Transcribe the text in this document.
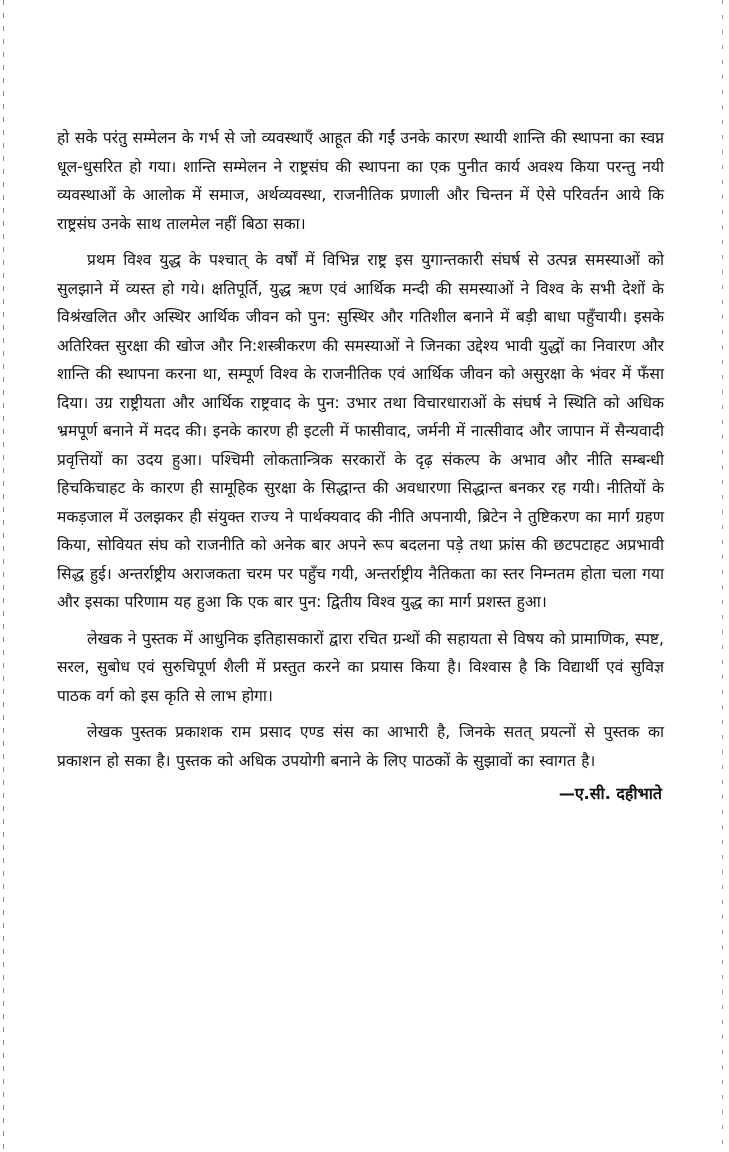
हो सके परंतु सम्मेलन के गर्भ से जो व्यवस्थाएँ आहूत की गईं उनके कारण स्थायी शान्ति की स्थापना का स्वप्न धूल-धुसरित हो गया। शान्ति सम्मेलन ने राष्ट्रसंघ की स्थापना का एक पुनीत कार्य अवश्य किया परन्तु नयी व्यवस्थाओं के आलोक में समाज, अर्थव्यवस्था, राजनीतिक प्रणाली और चिन्तन में ऐसे परिवर्तन आये कि राष्ट्रसंघ उनके साथ तालमेल नहीं बिठा सका।

प्रथम विश्व युद्ध के पश्चात् के वर्षों में विभिन्न राष्ट्र इस युगान्तकारी संघर्ष से उत्पन्न समस्याओं को सुलझाने में व्यस्त हो गये। क्षतिपूर्ति, युद्ध ऋण एवं आर्थिक मन्दी की समस्याओं ने विश्व के सभी देशों के विश्रंखलित और अस्थिर आर्थिक जीवन को पुन: सुस्थिर और गतिशील बनाने में बड़ी बाधा पहुँचायी। इसके अतिरिक्त सुरक्षा की खोज और नि:शस्त्रीकरण की समस्याओं ने जिनका उद्देश्य भावी युद्धों का निवारण और शान्ति की स्थापना करना था, सम्पूर्ण विश्व के राजनीतिक एवं आर्थिक जीवन को असुरक्षा के भंवर में फँसा दिया। उग्र राष्ट्रीयता और आर्थिक राष्ट्रवाद के पुन: उभार तथा विचारधाराओं के संघर्ष ने स्थिति को अधिक भ्रमपूर्ण बनाने में मदद की। इनके कारण ही इटली में फासीवाद, जर्मनी में नात्सीवाद और जापान में सैन्यवादी प्रवृत्तियों का उदय हुआ। पश्चिमी लोकतान्त्रिक सरकारों के दृढ़ संकल्प के अभाव और नीति सम्बन्धी हिचकिचाहट के कारण ही सामूहिक सुरक्षा के सिद्धान्त की अवधारणा सिद्धान्त बनकर रह गयी। नीतियों के मकड़जाल में उलझकर ही संयुक्त राज्य ने पार्थक्यवाद की नीति अपनायी, ब्रिटेन ने तुष्टिकरण का मार्ग ग्रहण किया, सोवियत संघ को राजनीति को अनेक बार अपने रूप बदलना पड़े तथा फ्रांस की छटपटाहट अप्रभावी सिद्ध हुई। अन्तर्राष्ट्रीय अराजकता चरम पर पहुँच गयी, अन्तर्राष्ट्रीय नैतिकता का स्तर निम्नतम होता चला गया और इसका परिणाम यह हुआ कि एक बार पुन: द्वितीय विश्व युद्ध का मार्ग प्रशस्त हुआ।

लेखक ने पुस्तक में आधुनिक इतिहासकारों द्वारा रचित ग्रन्थों की सहायता से विषय को प्रामाणिक, स्पष्ट, सरल, सुबोध एवं सुरुचिपूर्ण शैली में प्रस्तुत करने का प्रयास किया है। विश्वास है कि विद्यार्थी एवं सुविज्ञ पाठक वर्ग को इस कृति से लाभ होगा।

लेखक पुस्तक प्रकाशक राम प्रसाद एण्ड संस का आभारी है, जिनके सतत् प्रयत्नों से पुस्तक का प्रकाशन हो सका है। पुस्तक को अधिक उपयोगी बनाने के लिए पाठकों के सुझावों का स्वागत है।

—ए.सी. दहीभाते
